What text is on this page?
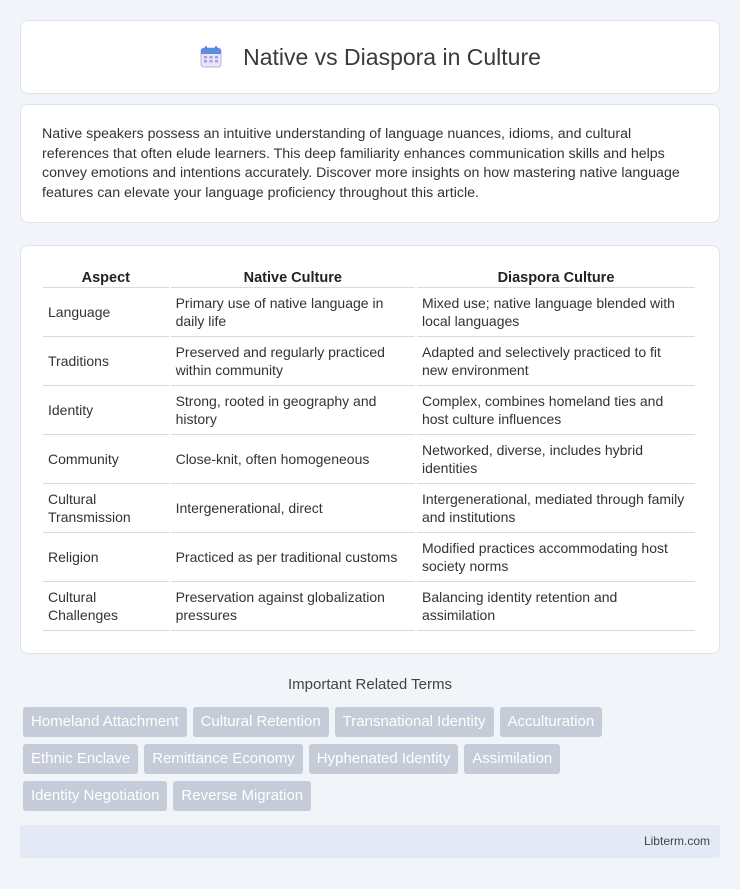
Native vs Diaspora in Culture

Native speakers possess an intuitive understanding of language nuances, idioms, and cultural references that often elude learners. This deep familiarity enhances communication skills and helps convey emotions and intentions accurately. Discover more insights on how mastering native language features can elevate your language proficiency throughout this article.

Aspect	Native Culture	Diaspora Culture
Language	Primary use of native language in daily life	Mixed use; native language blended with local languages
Traditions	Preserved and regularly practiced within community	Adapted and selectively practiced to fit new environment
Identity	Strong, rooted in geography and history	Complex, combines homeland ties and host culture influences
Community	Close-knit, often homogeneous	Networked, diverse, includes hybrid identities
Cultural Transmission	Intergenerational, direct	Intergenerational, mediated through family and institutions
Religion	Practiced as per traditional customs	Modified practices accommodating host society norms
Cultural Challenges	Preservation against globalization pressures	Balancing identity retention and assimilation
Important Related Terms
Homeland Attachment	Cultural Retention	Transnational Identity	Acculturation
Ethnic Enclave	Remittance Economy	Hyphenated Identity	Assimilation
Identity Negotiation	Reverse Migration
Libterm.com
